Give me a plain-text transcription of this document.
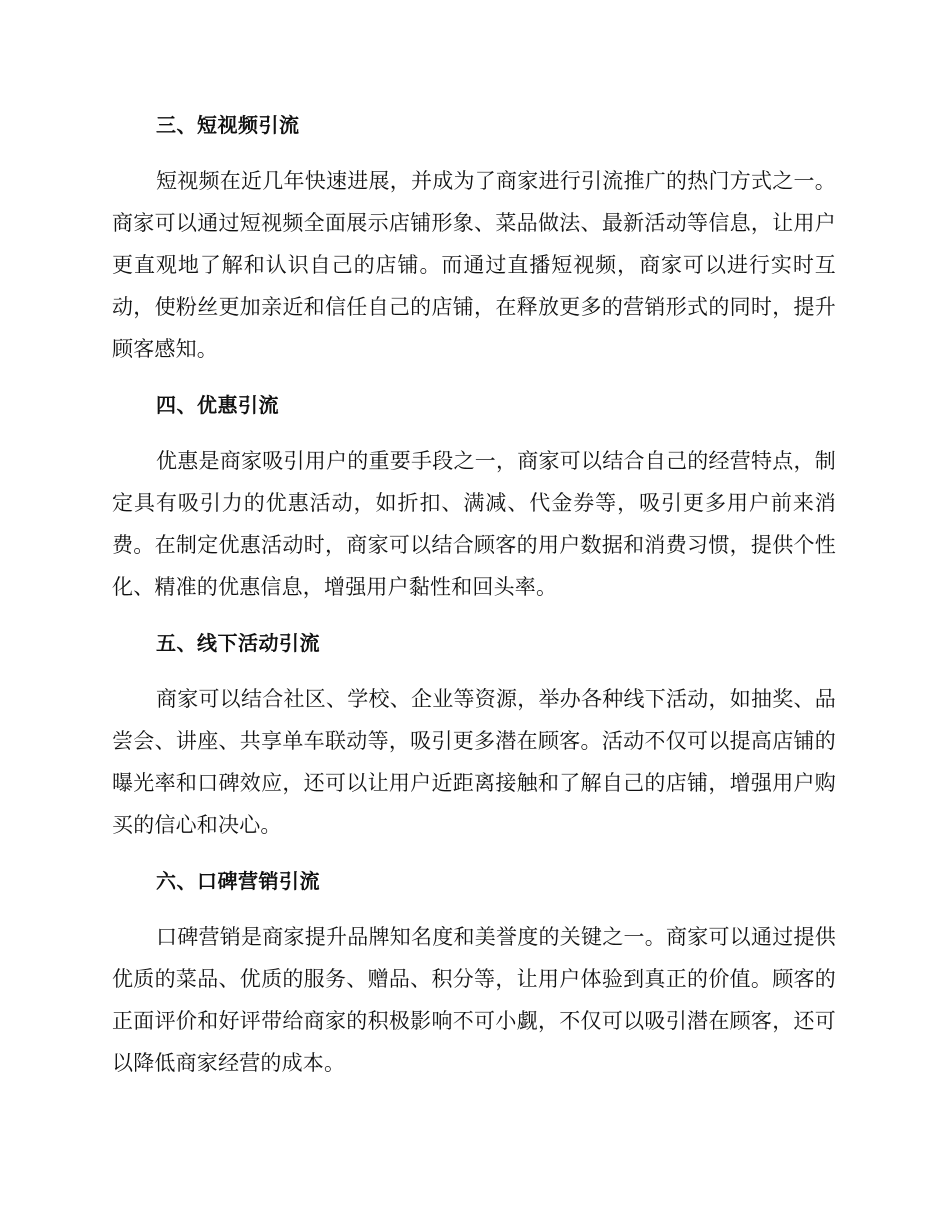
三、短视频引流

短视频在近几年快速进展，并成为了商家进行引流推广的热门方式之一。商家可以通过短视频全面展示店铺形象、菜品做法、最新活动等信息，让用户更直观地了解和认识自己的店铺。而通过直播短视频，商家可以进行实时互动，使粉丝更加亲近和信任自己的店铺，在释放更多的营销形式的同时，提升顾客感知。

四、优惠引流

优惠是商家吸引用户的重要手段之一，商家可以结合自己的经营特点，制定具有吸引力的优惠活动，如折扣、满减、代金券等，吸引更多用户前来消费。在制定优惠活动时，商家可以结合顾客的用户数据和消费习惯，提供个性化、精准的优惠信息，增强用户黏性和回头率。

五、线下活动引流

商家可以结合社区、学校、企业等资源，举办各种线下活动，如抽奖、品尝会、讲座、共享单车联动等，吸引更多潜在顾客。活动不仅可以提高店铺的曝光率和口碑效应，还可以让用户近距离接触和了解自己的店铺，增强用户购买的信心和决心。

六、口碑营销引流

口碑营销是商家提升品牌知名度和美誉度的关键之一。商家可以通过提供优质的菜品、优质的服务、赠品、积分等，让用户体验到真正的价值。顾客的正面评价和好评带给商家的积极影响不可小觑，不仅可以吸引潜在顾客，还可以降低商家经营的成本。
